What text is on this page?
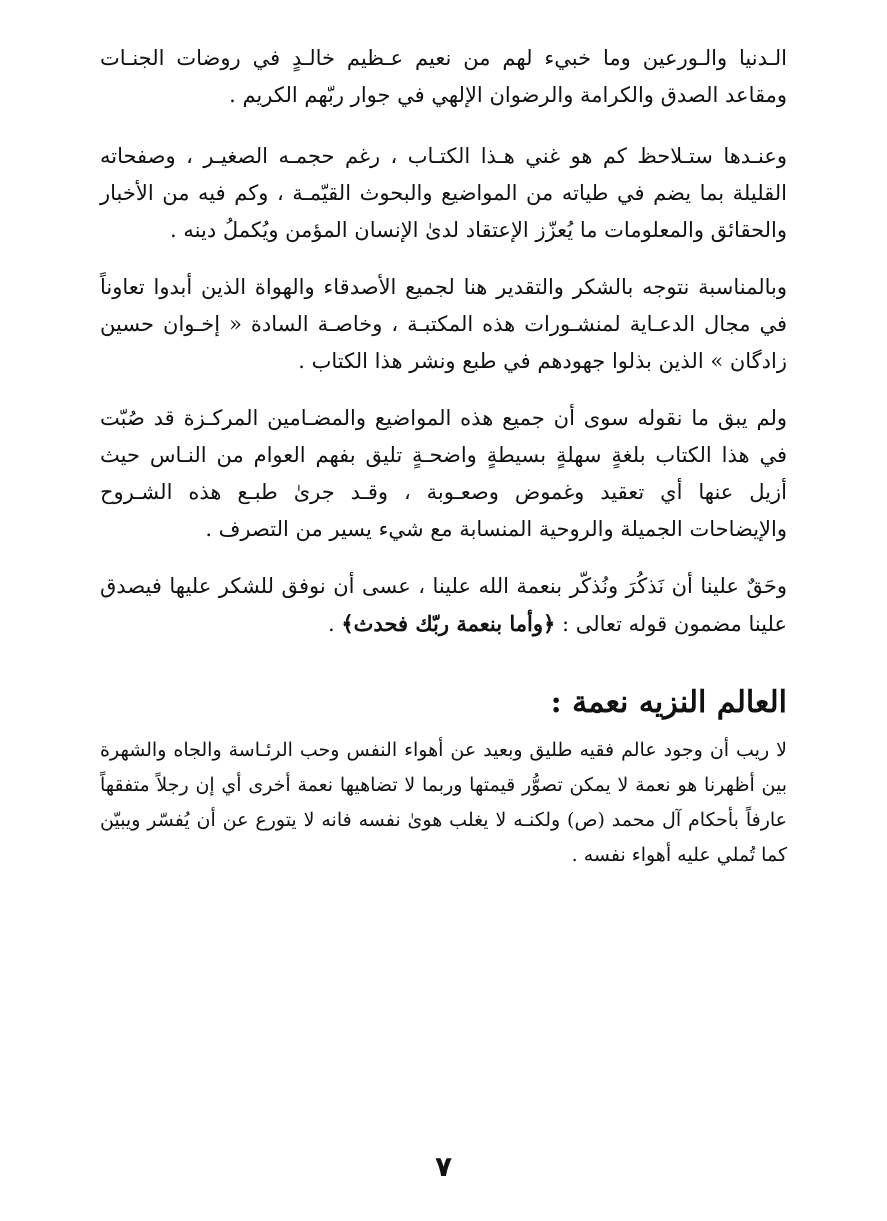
الـدنيا والـورعين وما خبيء لهم من نعيم عـظيم خالـدٍ في روضات الجنـات ومقاعد الصدق والكرامة والرضوان الإلهي في جوار ربّهم الكريم .

وعنـدها ستـلاحظ كم هو غني هـذا الكتـاب ، رغم حجمـه الصغيـر ، وصفحاته القليلة بما يضم في طياته من المواضيع والبحوث القيّمـة ، وكم فيه من الأخبار والحقائق والمعلومات ما يُعزّز الإعتقاد لدىٰ الإنسان المؤمن ويُكملُ دينه .

وبالمناسبة نتوجه بالشكر والتقدير هنا لجميع الأصدقاء والهواة الذين أبدوا تعاوناً في مجال الدعـاية لمنشـورات هذه المكتبـة ، وخاصـة السادة « إخـوان حسين زادگان » الذين بذلوا جهودهم في طبع ونشر هذا الكتاب .

ولم يبق ما نقوله سوى أن جميع هذه المواضيع والمضـامين المركـزة قد صُبّت في هذا الكتاب بلغةٍ سهلةٍ بسيطةٍ واضحـةٍ تليق بفهم العوام من النـاس حيث أزيل عنها أي تعقيد وغموض وصعـوبة ، وقـد جرىٰ طبـع هذه الشـروح والإيضاحات الجميلة والروحية المنسابة مع شيء يسير من التصرف .

وحَقٌ علينا أن نَذكُرَ ونُذكّر بنعمة الله علينا ، عسى أن نوفق للشكر عليها فيصدق علينا مضمون قوله تعالى : ﴿وأما بنعمة ربّك فحدث﴾ .

العالم النزيه نعمة :

لا ريب أن وجود عالم فقيه طليق وبعيد عن أهواء النفس وحب الرئـاسة والجاه والشهرة بين أظهرنا هو نعمة لا يمكن تصوُّر قيمتها وربما لا تضاهيها نعمة أخرى أي إن رجلاً متفقهاً عارفاً بأحكام آل محمد (ص) ولكنـه لا يغلب هوىٰ نفسه فانه لا يتورع عن أن يُفسّر ويبيّن كما تُملي عليه أهواء نفسه .

٧
